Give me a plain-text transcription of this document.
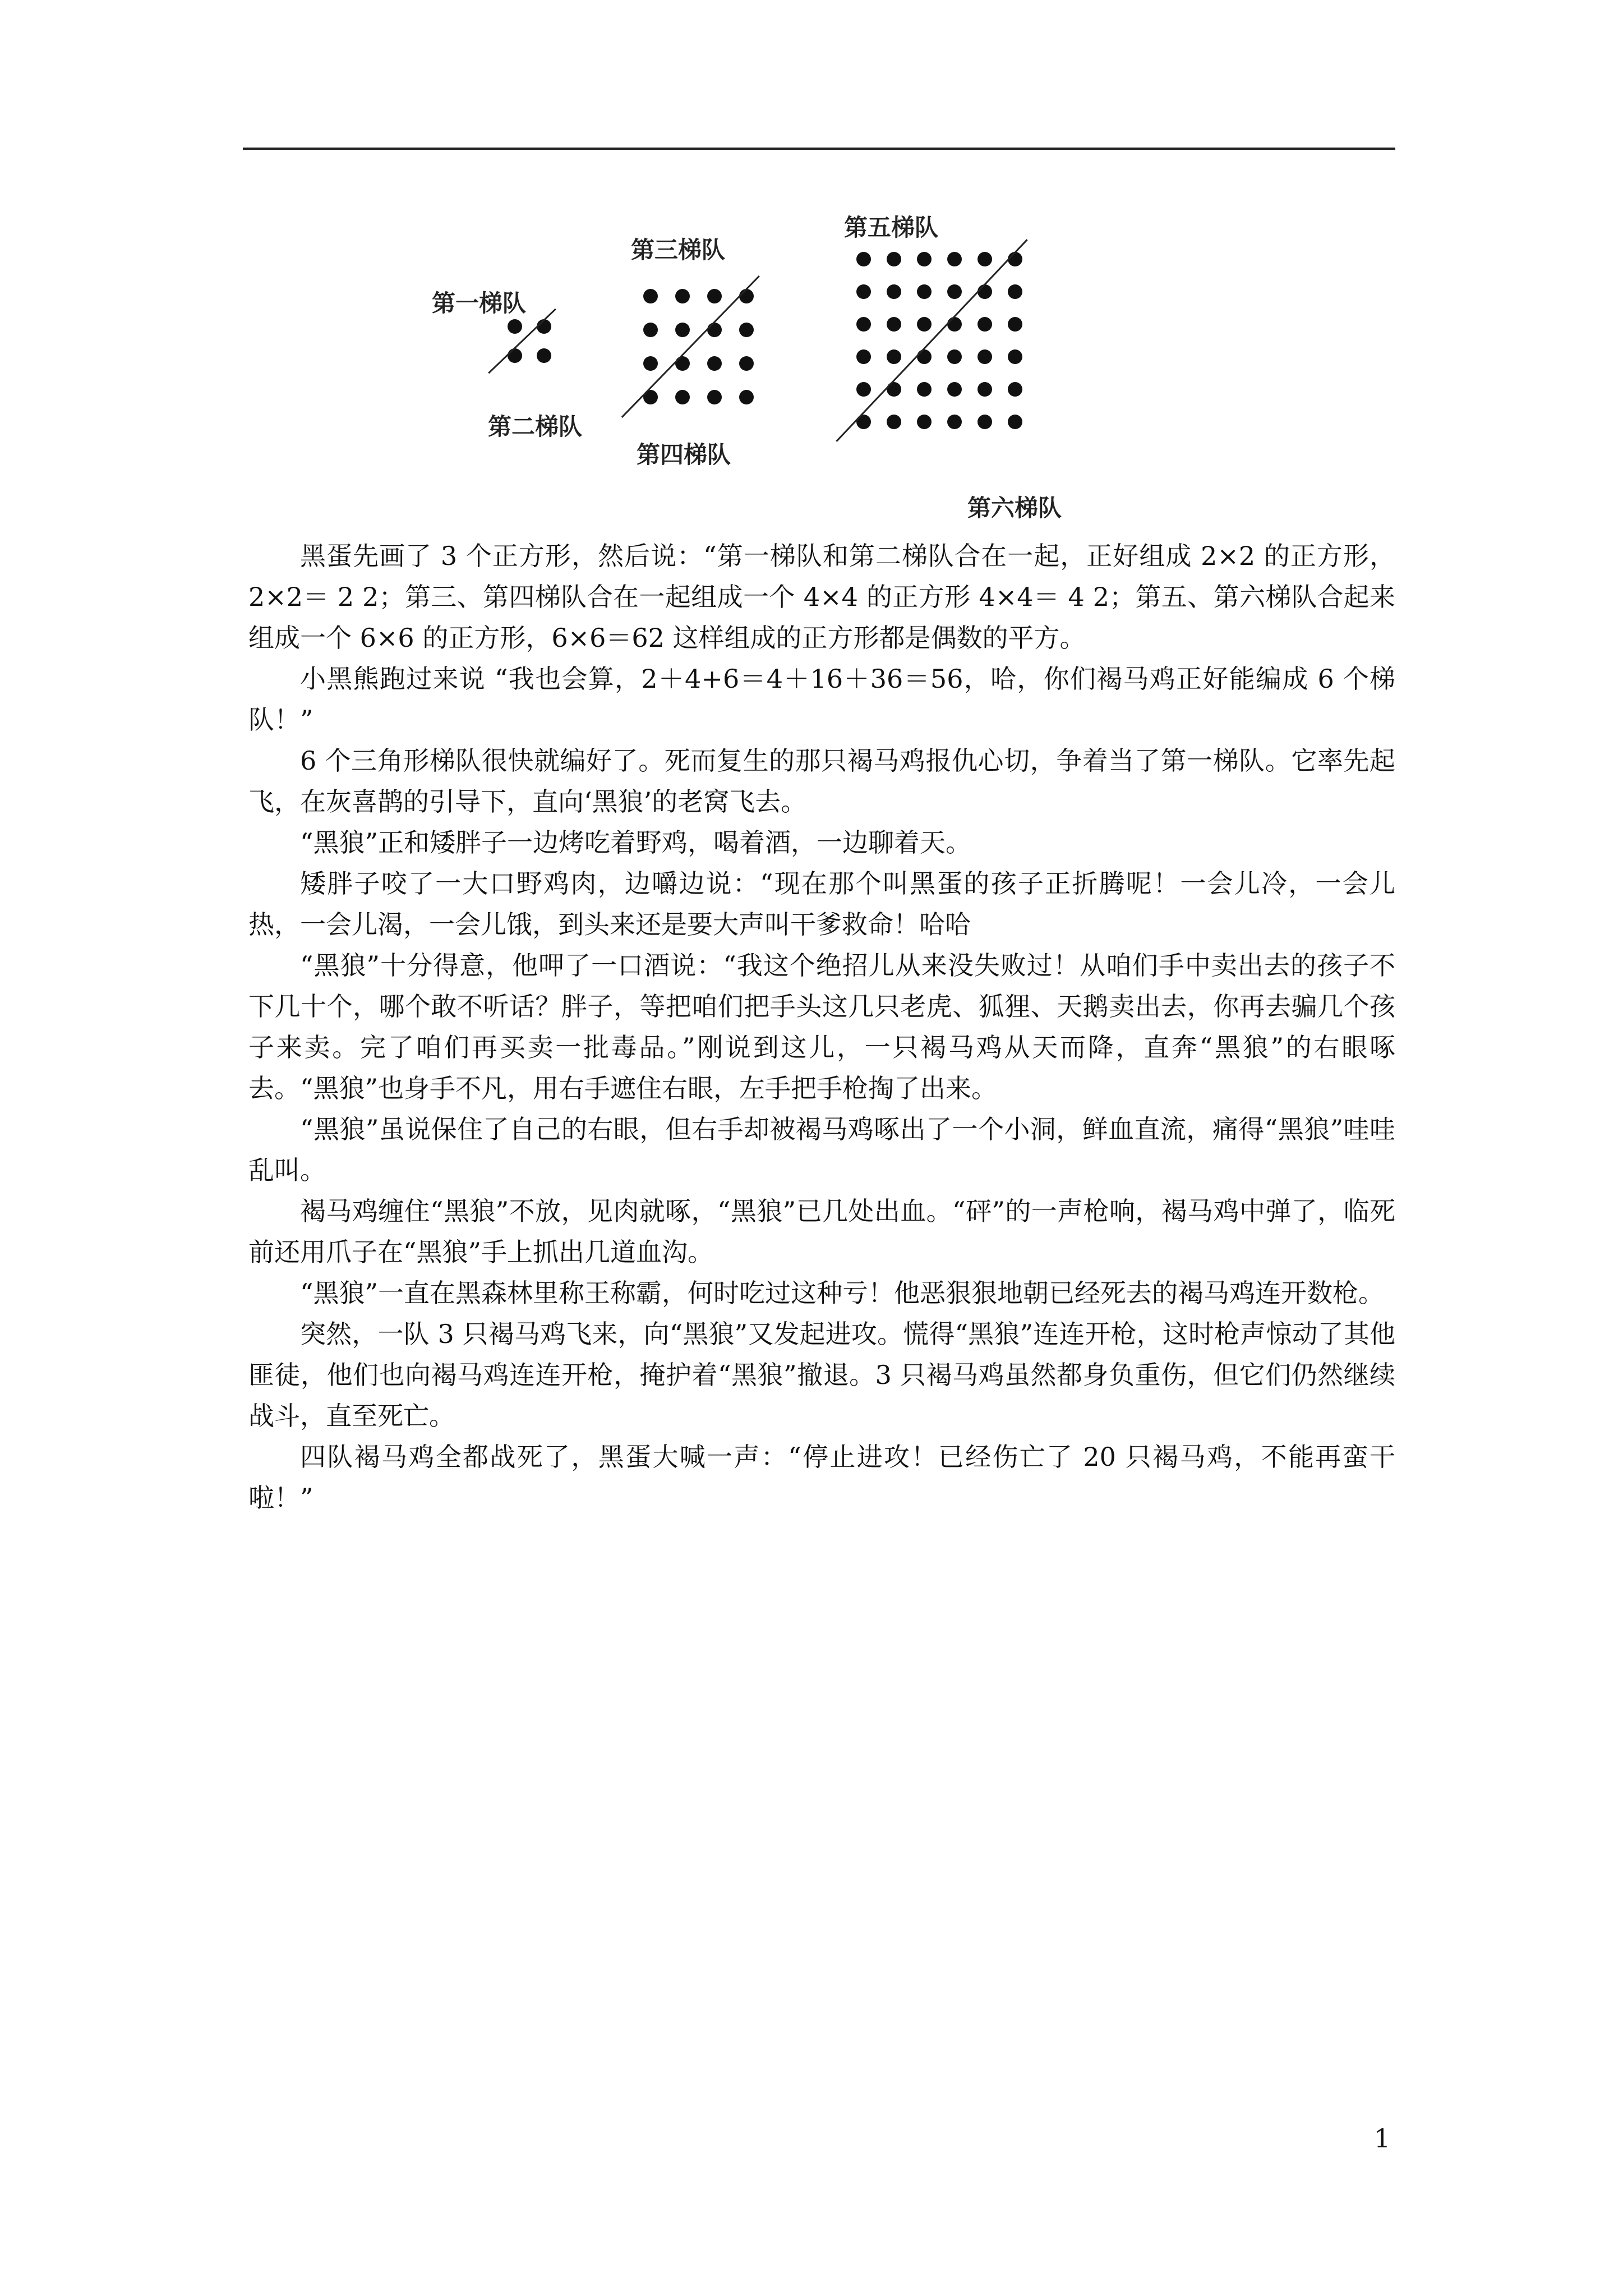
第一梯队
第二梯队
第三梯队
第四梯队
第五梯队
第六梯队

黑蛋先画了 3 个正方形，然后说：“第一梯队和第二梯队合在一起，正好组成 2×2 的正方形，2×2＝ 2 2；第三、第四梯队合在一起组成一个 4×4 的正方形 4×4＝ 4 2；第五、第六梯队合起来组成一个 6×6 的正方形，6×6＝62 这样组成的正方形都是偶数的平方。

小黑熊跑过来说 “我也会算，2＋4+6＝4＋16＋36＝56，哈，你们褐马鸡正好能编成 6 个梯队！”

6 个三角形梯队很快就编好了。死而复生的那只褐马鸡报仇心切，争着当了第一梯队。它率先起飞，在灰喜鹊的引导下，直向‘黑狼’的老窝飞去。

“黑狼”正和矮胖子一边烤吃着野鸡，喝着酒，一边聊着天。

矮胖子咬了一大口野鸡肉，边嚼边说：“现在那个叫黑蛋的孩子正折腾呢！一会儿冷，一会儿热，一会儿渴，一会儿饿，到头来还是要大声叫干爹救命！哈哈

“黑狼”十分得意，他呷了一口酒说：“我这个绝招儿从来没失败过！从咱们手中卖出去的孩子不下几十个，哪个敢不听话？胖子，等把咱们把手头这几只老虎、狐狸、天鹅卖出去，你再去骗几个孩子来卖。完了咱们再买卖一批毒品。”刚说到这儿，一只褐马鸡从天而降，直奔“黑狼”的右眼啄去。“黑狼”也身手不凡，用右手遮住右眼，左手把手枪掏了出来。

“黑狼”虽说保住了自己的右眼，但右手却被褐马鸡啄出了一个小洞，鲜血直流，痛得“黑狼”哇哇乱叫。

褐马鸡缠住“黑狼”不放，见肉就啄，“黑狼”已几处出血。“砰”的一声枪响，褐马鸡中弹了，临死前还用爪子在“黑狼”手上抓出几道血沟。

“黑狼”一直在黑森林里称王称霸，何时吃过这种亏！他恶狠狠地朝已经死去的褐马鸡连开数枪。

突然，一队 3 只褐马鸡飞来，向“黑狼”又发起进攻。慌得“黑狼”连连开枪，这时枪声惊动了其他匪徒，他们也向褐马鸡连连开枪，掩护着“黑狼”撤退。3 只褐马鸡虽然都身负重伤，但它们仍然继续战斗，直至死亡。

四队褐马鸡全都战死了，黑蛋大喊一声：“停止进攻！已经伤亡了 20 只褐马鸡，不能再蛮干啦！”

1
